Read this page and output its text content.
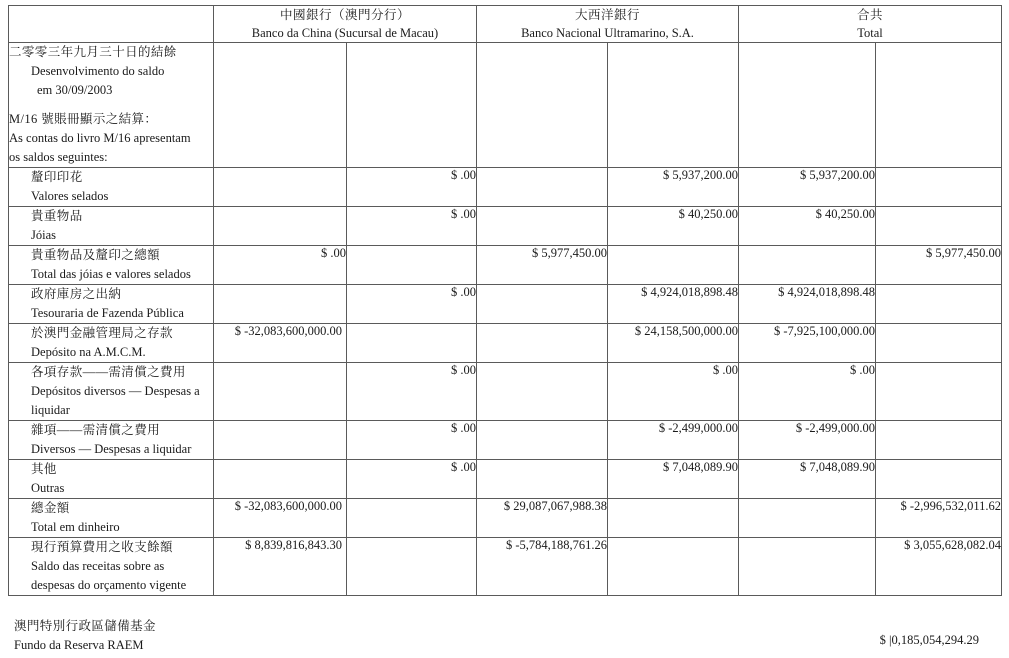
中國銀行（澳門分行）
Banco da China (Sucursal de Macau)

大西洋銀行
Banco Nacional Ultramarino, S.A.

合共
Total

二零零三年九月三十日的結餘
Desenvolvimento do saldo
em 30/09/2003
M/16 號賬冊顯示之結算：
As contas do livro M/16 apresentam
os saldos seguintes:

釐印印花
Valores selados		$ .00		$ 5,937,200.00	$ 5,937,200.00	

貴重物品
Jóias		$ .00		$ 40,250.00	$ 40,250.00	

貴重物品及釐印之總額
Total das jóias e valores selados	$ .00		$ 5,977,450.00			$ 5,977,450.00

政府庫房之出納
Tesouraria de Fazenda Pública		$ .00		$ 4,924,018,898.48	$ 4,924,018,898.48	

於澳門金融管理局之存款
Depósito na A.M.C.M.	$ -32,083,600,000.00			$ 24,158,500,000.00	$ -7,925,100,000.00	

各項存款——需清償之費用
Depósitos diversos — Despesas a
liquidar		$ .00		$ .00	$ .00	

雜項——需清償之費用
Diversos — Despesas a liquidar		$ .00		$ -2,499,000.00	$ -2,499,000.00	

其他
Outras		$ .00		$ 7,048,089.90	$ 7,048,089.90	

總金額
Total em dinheiro	$ -32,083,600,000.00		$ 29,087,067,988.38			$ -2,996,532,011.62

現行預算費用之收支餘額
Saldo das receitas sobre as
despesas do orçamento vigente	$ 8,839,816,843.30		$ -5,784,188,761.26			$ 3,055,628,082.04
澳門特別行政區儲備基金
Fundo da Reserva RAEM	$ |0,185,054,294.29
